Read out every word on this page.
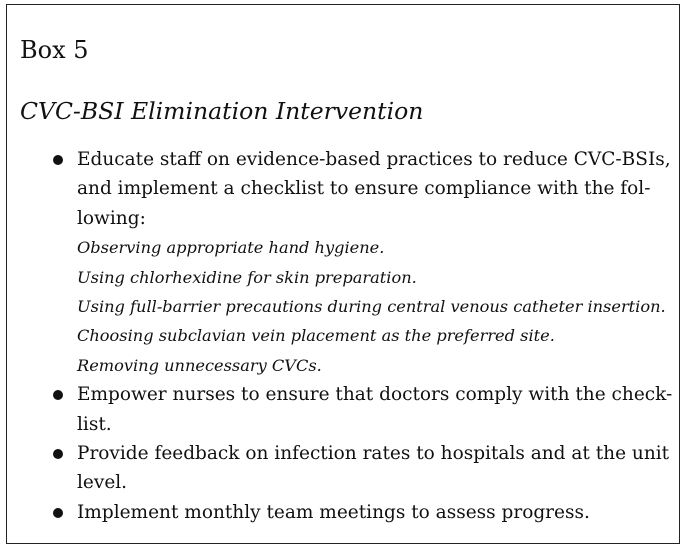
Box 5
CVC-BSI Elimination Intervention
Educate staff on evidence-based practices to reduce CVC-BSIs,
and implement a checklist to ensure compliance with the fol-
lowing:
Observing appropriate hand hygiene.
Using chlorhexidine for skin preparation.
Using full-barrier precautions during central venous catheter insertion.
Choosing subclavian vein placement as the preferred site.
Removing unnecessary CVCs.
Empower nurses to ensure that doctors comply with the check-
list.
Provide feedback on infection rates to hospitals and at the unit
level.
Implement monthly team meetings to assess progress.
